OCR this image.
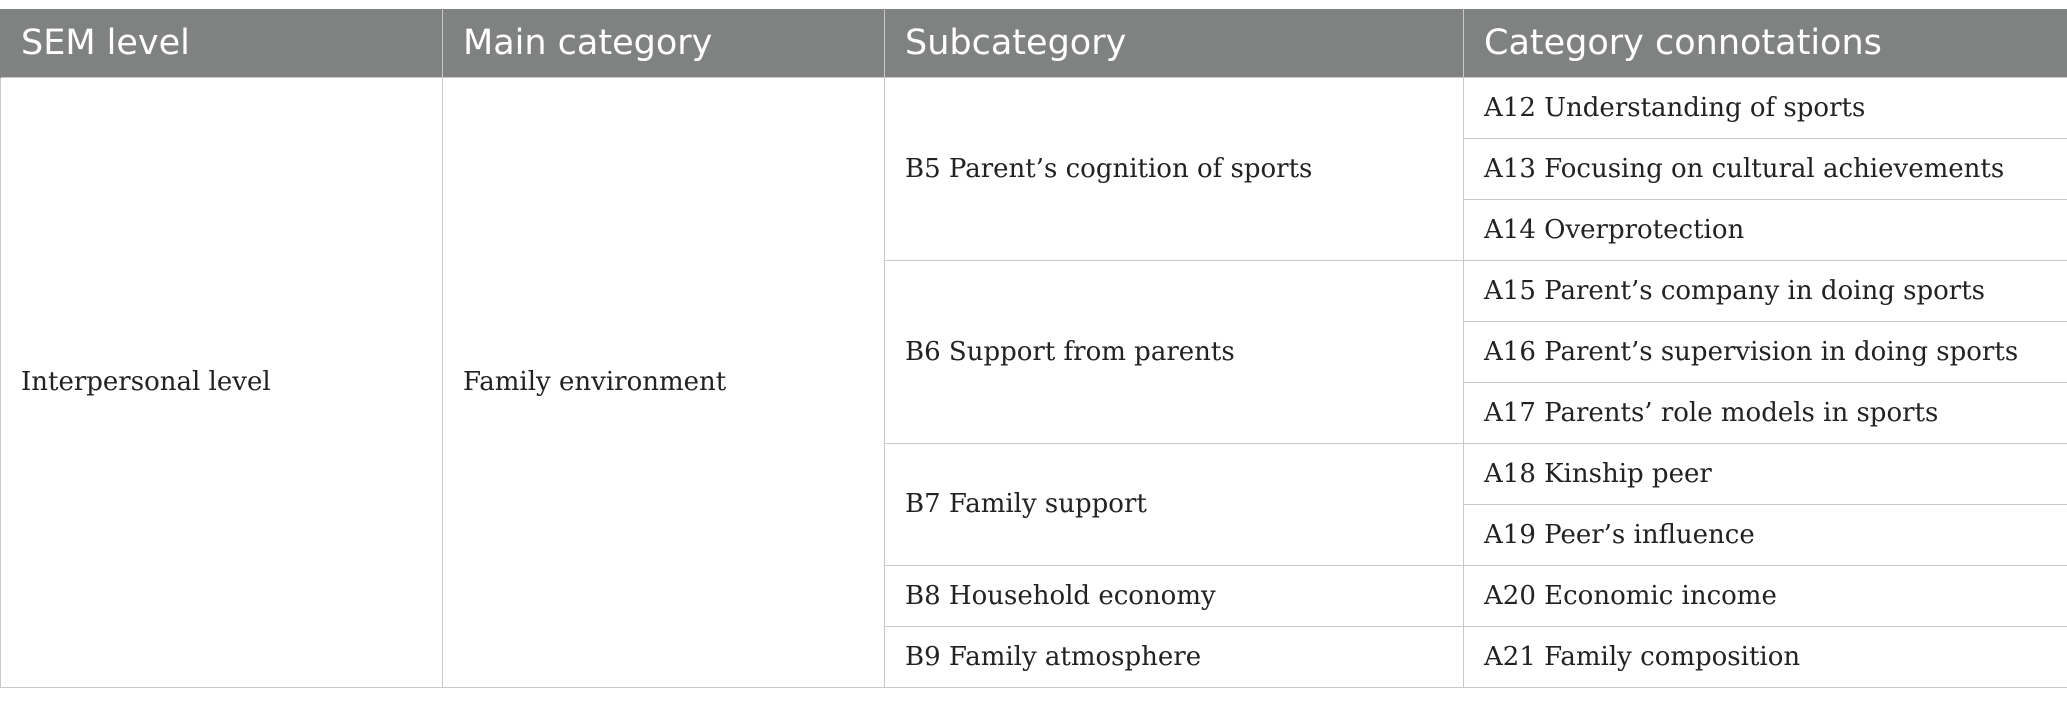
SEM level	Main category	Subcategory	Category connotations
Interpersonal level	Family environment	B5 Parent’s cognition of sports	A12 Understanding of sports
			A13 Focusing on cultural achievements
			A14 Overprotection
		B6 Support from parents	A15 Parent’s company in doing sports
			A16 Parent’s supervision in doing sports
			A17 Parents’ role models in sports
		B7 Family support	A18 Kinship peer
			A19 Peer’s influence
		B8 Household economy	A20 Economic income
		B9 Family atmosphere	A21 Family composition
